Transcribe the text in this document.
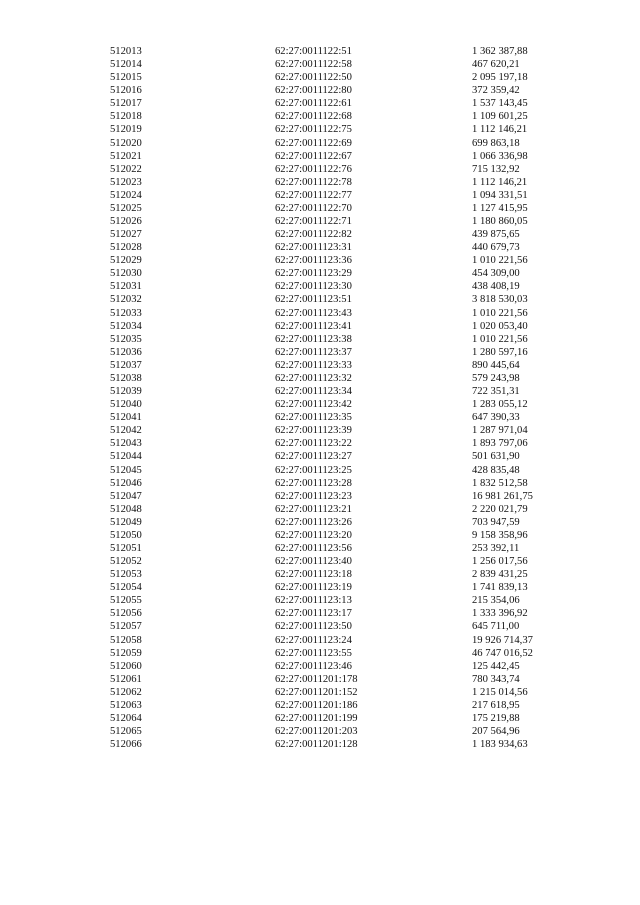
512013	62:27:0011122:51	1 362 387,88
512014	62:27:0011122:58	467 620,21
512015	62:27:0011122:50	2 095 197,18
512016	62:27:0011122:80	372 359,42
512017	62:27:0011122:61	1 537 143,45
512018	62:27:0011122:68	1 109 601,25
512019	62:27:0011122:75	1 112 146,21
512020	62:27:0011122:69	699 863,18
512021	62:27:0011122:67	1 066 336,98
512022	62:27:0011122:76	715 132,92
512023	62:27:0011122:78	1 112 146,21
512024	62:27:0011122:77	1 094 331,51
512025	62:27:0011122:70	1 127 415,95
512026	62:27:0011122:71	1 180 860,05
512027	62:27:0011122:82	439 875,65
512028	62:27:0011123:31	440 679,73
512029	62:27:0011123:36	1 010 221,56
512030	62:27:0011123:29	454 309,00
512031	62:27:0011123:30	438 408,19
512032	62:27:0011123:51	3 818 530,03
512033	62:27:0011123:43	1 010 221,56
512034	62:27:0011123:41	1 020 053,40
512035	62:27:0011123:38	1 010 221,56
512036	62:27:0011123:37	1 280 597,16
512037	62:27:0011123:33	890 445,64
512038	62:27:0011123:32	579 243,98
512039	62:27:0011123:34	722 351,31
512040	62:27:0011123:42	1 283 055,12
512041	62:27:0011123:35	647 390,33
512042	62:27:0011123:39	1 287 971,04
512043	62:27:0011123:22	1 893 797,06
512044	62:27:0011123:27	501 631,90
512045	62:27:0011123:25	428 835,48
512046	62:27:0011123:28	1 832 512,58
512047	62:27:0011123:23	16 981 261,75
512048	62:27:0011123:21	2 220 021,79
512049	62:27:0011123:26	703 947,59
512050	62:27:0011123:20	9 158 358,96
512051	62:27:0011123:56	253 392,11
512052	62:27:0011123:40	1 256 017,56
512053	62:27:0011123:18	2 839 431,25
512054	62:27:0011123:19	1 741 839,13
512055	62:27:0011123:13	215 354,06
512056	62:27:0011123:17	1 333 396,92
512057	62:27:0011123:50	645 711,00
512058	62:27:0011123:24	19 926 714,37
512059	62:27:0011123:55	46 747 016,52
512060	62:27:0011123:46	125 442,45
512061	62:27:0011201:178	780 343,74
512062	62:27:0011201:152	1 215 014,56
512063	62:27:0011201:186	217 618,95
512064	62:27:0011201:199	175 219,88
512065	62:27:0011201:203	207 564,96
512066	62:27:0011201:128	1 183 934,63
